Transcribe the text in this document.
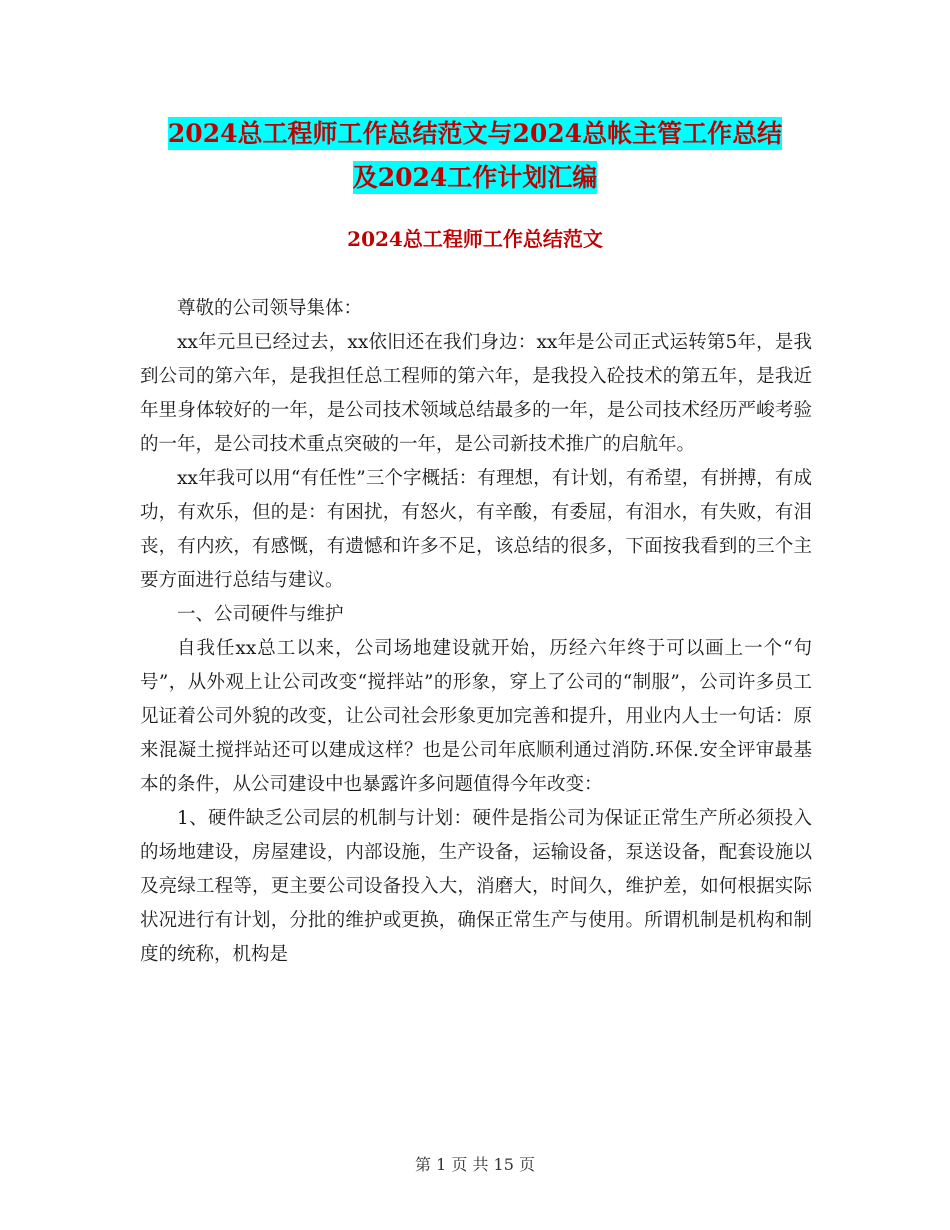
2024总工程师工作总结范文与2024总帐主管工作总结
及2024工作计划汇编
2024总工程师工作总结范文

尊敬的公司领导集体：

xx年元旦已经过去，xx依旧还在我们身边：xx年是公司正式运转第5年，是我到公司的第六年，是我担任总工程师的第六年，是我投入砼技术的第五年，是我近年里身体较好的一年，是公司技术领域总结最多的一年，是公司技术经历严峻考验的一年，是公司技术重点突破的一年，是公司新技术推广的启航年。

xx年我可以用“有任性”三个字概括：有理想，有计划，有希望，有拼搏，有成功，有欢乐，但的是：有困扰，有怒火，有辛酸，有委屈，有泪水，有失败，有泪丧，有内疚，有感慨，有遗憾和许多不足，该总结的很多，下面按我看到的三个主要方面进行总结与建议。

一、公司硬件与维护

自我任xx总工以来，公司场地建设就开始，历经六年终于可以画上一个“句号”，从外观上让公司改变“搅拌站”的形象，穿上了公司的“制服”，公司许多员工见证着公司外貌的改变，让公司社会形象更加完善和提升，用业内人士一句话：原来混凝土搅拌站还可以建成这样？也是公司年底顺利通过消防.环保.安全评审最基本的条件，从公司建设中也暴露许多问题值得今年改变：

1、硬件缺乏公司层的机制与计划：硬件是指公司为保证正常生产所必须投入的场地建设，房屋建设，内部设施，生产设备，运输设备，泵送设备，配套设施以及亮绿工程等，更主要公司设备投入大，消磨大，时间久，维护差，如何根据实际状况进行有计划，分批的维护或更换，确保正常生产与使用。所谓机制是机构和制度的统称，机构是

第 1 页 共 15 页
